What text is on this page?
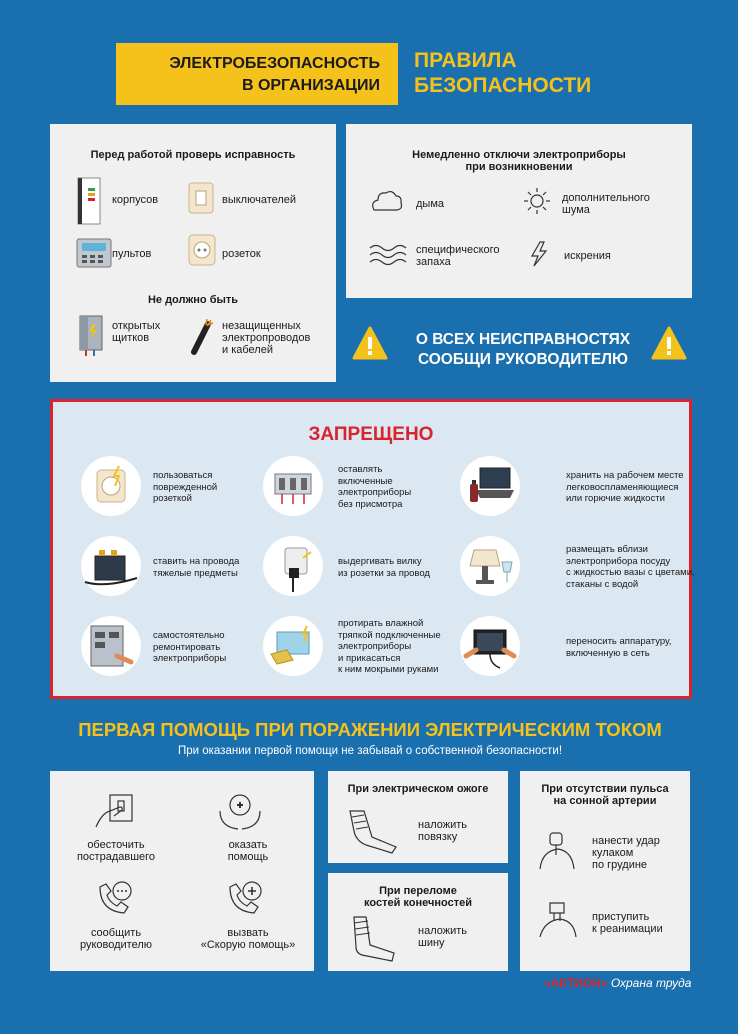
ЭЛЕКТРОБЕЗОПАСНОСТЬ
В ОРГАНИЗАЦИИ
ПРАВИЛА
БЕЗОПАСНОСТИ
Перед работой проверь исправность
корпусов	выключателей
пультов	розеток
Не должно быть
открытых
щитков
незащищенных
электропроводов
и кабелей
Немедленно отключи электроприборы
при возникновении
дыма	дополнительного
шума
специфического
запаха	искрения
О ВСЕХ НЕИСПРАВНОСТЯХ
СООБЩИ РУКОВОДИТЕЛЮ
ЗАПРЕЩЕНО
пользоваться
поврежденной
розеткой
оставлять
включенные
электроприборы
без присмотра
хранить на рабочем месте
легковоспламеняющиеся
или горючие жидкости
ставить на провода
тяжелые предметы
выдергивать вилку
из розетки за провод
размещать вблизи
электроприбора посуду
с жидкостью вазы с цветами,
стаканы с водой
самостоятельно
ремонтировать
электроприборы
протирать влажной
тряпкой подключенные
электроприборы
и прикасаться
к ним мокрыми руками
переносить аппаратуру,
включенную в сеть
ПЕРВАЯ ПОМОЩЬ ПРИ ПОРАЖЕНИИ ЭЛЕКТРИЧЕСКИМ ТОКОМ
При оказании первой помощи не забывай о собственной безопасности!
обесточить
пострадавшего
оказать
помощь
сообщить
руководителю
вызвать
«Скорую помощь»
При электрическом ожоге
наложить
повязку
При переломе
костей конечностей
наложить
шину
При отсутствии пульса
на сонной артерии
нанести удар
кулаком
по грудине
приступить
к реанимации
«АКТИОН» Охрана труда
